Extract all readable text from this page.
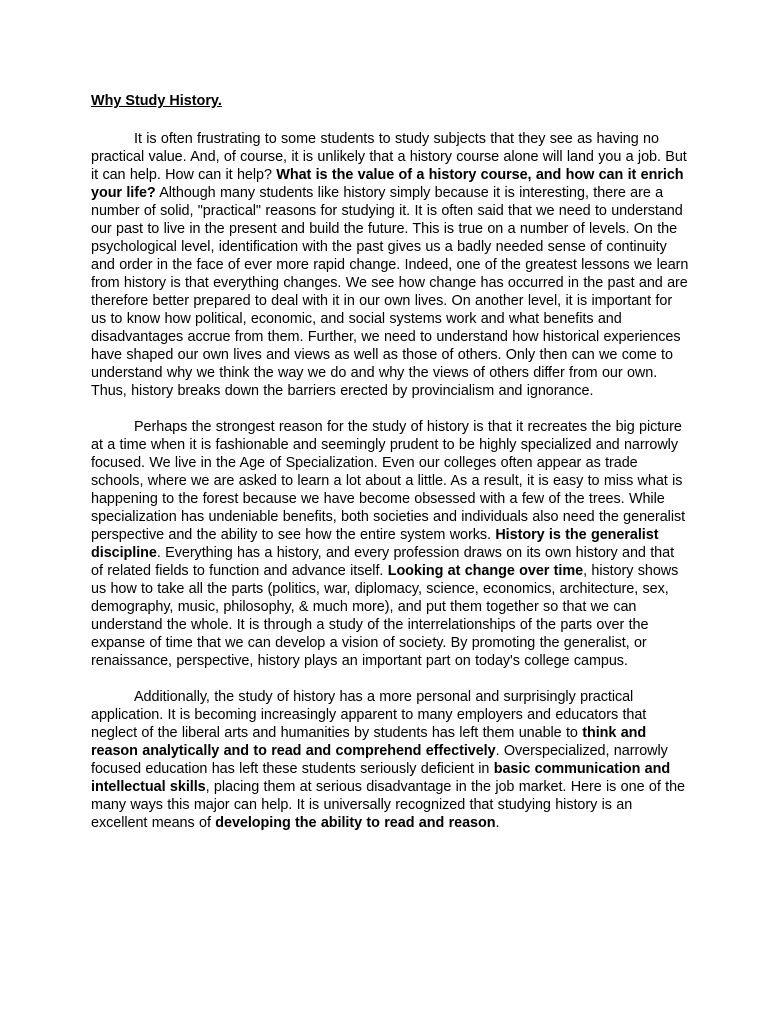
Why Study History.

It is often frustrating to some students to study subjects that they see as having no practical value. And, of course, it is unlikely that a history course alone will land you a job. But it can help. How can it help? What is the value of a history course, and how can it enrich your life? Although many students like history simply because it is interesting, there are a number of solid, "practical" reasons for studying it. It is often said that we need to understand our past to live in the present and build the future. This is true on a number of levels. On the psychological level, identification with the past gives us a badly needed sense of continuity and order in the face of ever more rapid change. Indeed, one of the greatest lessons we learn from history is that everything changes. We see how change has occurred in the past and are therefore better prepared to deal with it in our own lives. On another level, it is important for us to know how political, economic, and social systems work and what benefits and disadvantages accrue from them. Further, we need to understand how historical experiences have shaped our own lives and views as well as those of others. Only then can we come to understand why we think the way we do and why the views of others differ from our own. Thus, history breaks down the barriers erected by provincialism and ignorance.

Perhaps the strongest reason for the study of history is that it recreates the big picture at a time when it is fashionable and seemingly prudent to be highly specialized and narrowly focused. We live in the Age of Specialization. Even our colleges often appear as trade schools, where we are asked to learn a lot about a little. As a result, it is easy to miss what is happening to the forest because we have become obsessed with a few of the trees. While specialization has undeniable benefits, both societies and individuals also need the generalist perspective and the ability to see how the entire system works. History is the generalist discipline. Everything has a history, and every profession draws on its own history and that of related fields to function and advance itself. Looking at change over time, history shows us how to take all the parts (politics, war, diplomacy, science, economics, architecture, sex, demography, music, philosophy, & much more), and put them together so that we can understand the whole. It is through a study of the interrelationships of the parts over the expanse of time that we can develop a vision of society. By promoting the generalist, or renaissance, perspective, history plays an important part on today's college campus.

Additionally, the study of history has a more personal and surprisingly practical application. It is becoming increasingly apparent to many employers and educators that neglect of the liberal arts and humanities by students has left them unable to think and reason analytically and to read and comprehend effectively. Overspecialized, narrowly focused education has left these students seriously deficient in basic communication and intellectual skills, placing them at serious disadvantage in the job market. Here is one of the many ways this major can help. It is universally recognized that studying history is an excellent means of developing the ability to read and reason.
